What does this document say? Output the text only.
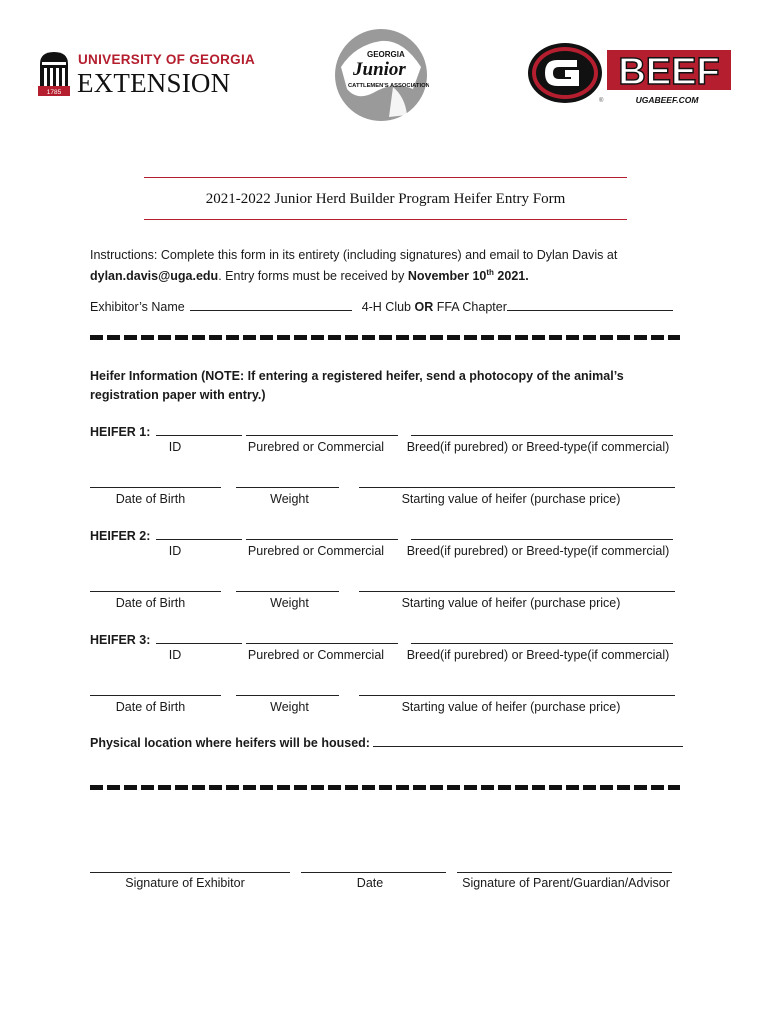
1785
UNIVERSITY OF GEORGIA
EXTENSION
GEORGIA
Junior
CATTLEMEN'S ASSOCIATION	BEEF
UGABEEF.COM
®
2021-2022 Junior Herd Builder Program Heifer Entry Form
Instructions: Complete this form in its entirety (including signatures) and email to Dylan Davis at
dylan.davis@uga.edu. Entry forms must be received by November 10th 2021.
Exhibitor’s Name	4-H Club OR FFA Chapter
Heifer Information (NOTE: If entering a registered heifer, send a photocopy of the animal’s
registration paper with entry.)
HEIFER 1:
ID	Purebred or Commercial	Breed(if purebred) or Breed-type(if commercial)
Date of Birth	Weight	Starting value of heifer (purchase price)
HEIFER 2:
ID	Purebred or Commercial	Breed(if purebred) or Breed-type(if commercial)
Date of Birth	Weight	Starting value of heifer (purchase price)
HEIFER 3:
ID	Purebred or Commercial	Breed(if purebred) or Breed-type(if commercial)
Date of Birth	Weight	Starting value of heifer (purchase price)
Physical location where heifers will be housed:
Signature of Exhibitor	Date	Signature of Parent/Guardian/Advisor
